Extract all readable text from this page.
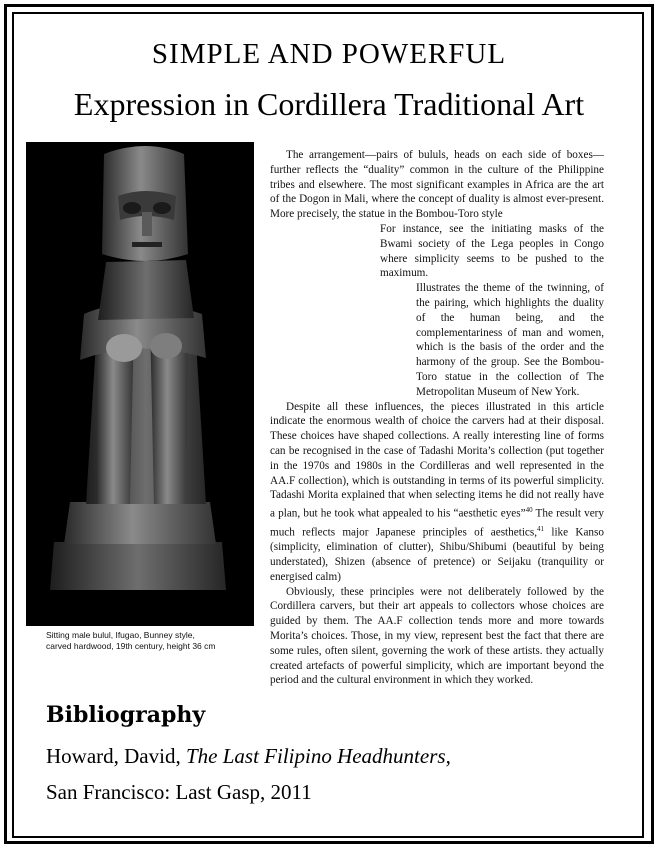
SIMPLE AND POWERFUL
Expression in Cordillera Traditional Art
Sitting male bulul, Ifugao, Bunney style,
carved hardwood, 19th century, height 36 cm

The arrangement—pairs of bululs, heads on each side of boxes—further reflects the “duality” common in the culture of the Philippine tribes and elsewhere. The most significant examples in Africa are the art of the Dogon in Mali, where the concept of duality is almost ever-present. More precisely, the statue in the Bombou-Toro style

For instance, see the initiating masks of the Bwami society of the Lega peoples in Congo where simplicity seems to be pushed to the maximum.

Illustrates the theme of the twinning, of the pairing, which highlights the duality of the human being, and the complementariness of man and women, which is the basis of the order and the harmony of the group. See the Bombou-Toro statue in the collection of The Metropolitan Museum of New York.

Despite all these influences, the pieces illustrated in this article indicate the enormous wealth of choice the carvers had at their disposal. These choices have shaped collections. A really interesting line of forms can be recognised in the case of Tadashi Morita’s collection (put together in the 1970s and 1980s in the Cordilleras and well represented in the AA.F collection), which is outstanding in terms of its powerful simplicity. Tadashi Morita explained that when selecting items he did not really have a plan, but he took what appealed to his “aesthetic eyes”$^{40}$ The result very much reflects major Japanese principles of aesthetics,$^{41}$ like Kanso (simplicity, elimination of clutter), Shibu/Shibumi (beautiful by being understated), Shizen (absence of pretence) or Seijaku (tranquility or energised calm)

Obviously, these principles were not deliberately followed by the Cordillera carvers, but their art appeals to collectors whose choices are guided by them. The AA.F collection tends more and more towards Morita’s choices. Those, in my view, represent best the fact that there are some rules, often silent, governing the work of these artists. they actually created artefacts of powerful simplicity, which are important beyond the period and the cultural environment in which they worked.

Bibliography
Howard, David, The Last Filipino Headhunters,
San Francisco: Last Gasp, 2011
